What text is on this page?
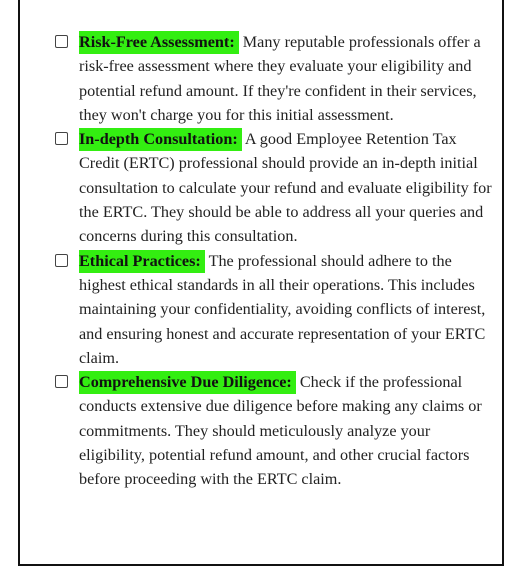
Risk-Free Assessment: Many reputable professionals offer a risk-free assessment where they evaluate your eligibility and potential refund amount. If they're confident in their services, they won't charge you for this initial assessment.
In-depth Consultation: A good Employee Retention Tax Credit (ERTC) professional should provide an in-depth initial consultation to calculate your refund and evaluate eligibility for the ERTC. They should be able to address all your queries and concerns during this consultation.
Ethical Practices: The professional should adhere to the highest ethical standards in all their operations. This includes maintaining your confidentiality, avoiding conflicts of interest, and ensuring honest and accurate representation of your ERTC claim.
Comprehensive Due Diligence: Check if the professional conducts extensive due diligence before making any claims or commitments. They should meticulously analyze your eligibility, potential refund amount, and other crucial factors before proceeding with the ERTC claim.
